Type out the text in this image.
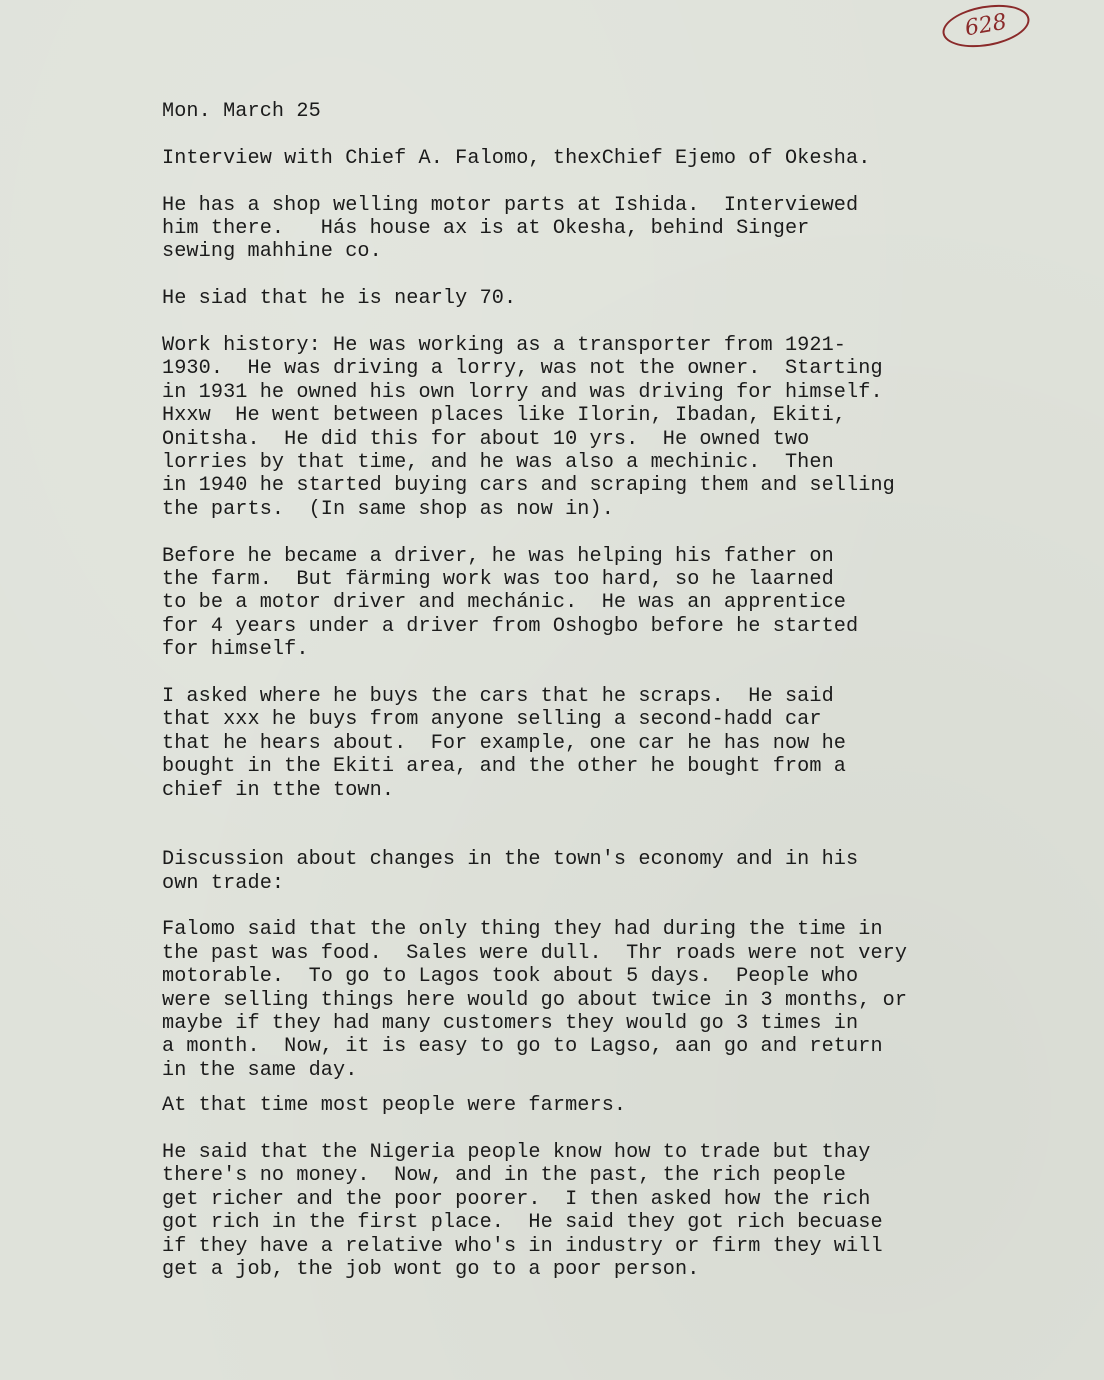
628

Mon. March 25

Interview with Chief A. Falomo, thexChief Ejemo of Okesha.

He has a shop welling motor parts at Ishida.  Interviewed

him there.   Hás house ax is at Okesha, behind Singer

sewing mahhine co.

He siad that he is nearly 70.

Work history: He was working as a transporter from 1921-

1930.  He was driving a lorry, was not the owner.  Starting

in 1931 he owned his own lorry and was driving for himself.

Hxxw  He went between places like Ilorin, Ibadan, Ekiti,

Onitsha.  He did this for about 10 yrs.  He owned two

lorries by that time, and he was also a mechinic.  Then

in 1940 he started buying cars and scraping them and selling

the parts.  (In same shop as now in).

Before he became a driver, he was helping his father on

the farm.  But färming work was too hard, so he laarned

to be a motor driver and mechánic.  He was an apprentice

for 4 years under a driver from Oshogbo before he started

for himself.

I asked where he buys the cars that he scraps.  He said

that xxx he buys from anyone selling a second-hadd car

that he hears about.  For example, one car he has now he

bought in the Ekiti area, and the other he bought from a

chief in tthe town.

Discussion about changes in the town's economy and in his

own trade:

Falomo said that the only thing they had during the time in

the past was food.  Sales were dull.  Thr roads were not very

motorable.  To go to Lagos took about 5 days.  People who

were selling things here would go about twice in 3 months, or

maybe if they had many customers they would go 3 times in

a month.  Now, it is easy to go to Lagso, aan go and return

in the same day.

At that time most people were farmers.

He said that the Nigeria people know how to trade but thay

there's no money.  Now, and in the past, the rich people

get richer and the poor poorer.  I then asked how the rich

got rich in the first place.  He said they got rich becuase

if they have a relative who's in industry or firm they will

get a job, the job wont go to a poor person.
